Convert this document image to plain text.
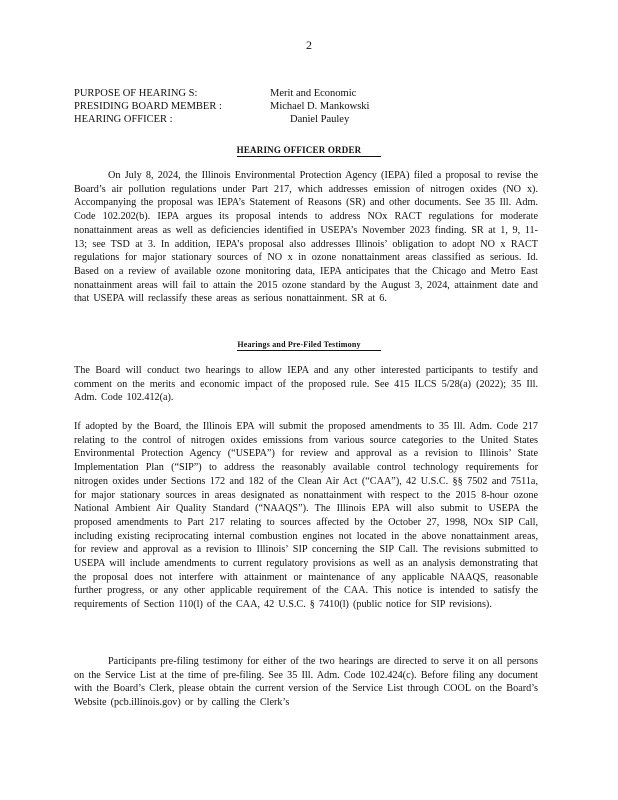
2
PURPOSE OF HEARING S:	Merit and Economic
PRESIDING BOARD MEMBER :	Michael D. Mankowski
HEARING OFFICER :	Daniel Pauley
HEARING OFFICER ORDER
On July 8, 2024, the Illinois Environmental Protection Agency (IEPA) filed a proposal to revise the Board’s air pollution regulations under Part 217, which addresses emission of nitrogen oxides (NO x). Accompanying the proposal was IEPA’s Statement of Reasons (SR) and other documents. See 35 Ill. Adm. Code 102.202(b). IEPA argues its proposal intends to address NOx RACT regulations for moderate nonattainment areas as well as deficiencies identified in USEPA’s November 2023 finding. SR at 1, 9, 11-13; see TSD at 3. In addition, IEPA’s proposal also addresses Illinois’ obligation to adopt NO x RACT regulations for major stationary sources of NO x in ozone nonattainment areas classified as serious. Id. Based on a review of available ozone monitoring data, IEPA anticipates that the Chicago and Metro East nonattainment areas will fail to attain the 2015 ozone standard by the August 3, 2024, attainment date and that USEPA will reclassify these areas as serious nonattainment. SR at 6.
Hearings and Pre-Filed Testimony
The Board will conduct two hearings to allow IEPA and any other interested participants to testify and comment on the merits and economic impact of the proposed rule. See 415 ILCS 5/28(a) (2022); 35 Ill. Adm. Code 102.412(a).
If adopted by the Board, the Illinois EPA will submit the proposed amendments to 35 Ill. Adm. Code 217 relating to the control of nitrogen oxides emissions from various source categories to the United States Environmental Protection Agency (“USEPA”) for review and approval as a revision to Illinois’ State Implementation Plan (“SIP”) to address the reasonably available control technology requirements for nitrogen oxides under Sections 172 and 182 of the Clean Air Act (“CAA”), 42 U.S.C. §§ 7502 and 7511a, for major stationary sources in areas designated as nonattainment with respect to the 2015 8-hour ozone National Ambient Air Quality Standard (“NAAQS”). The Illinois EPA will also submit to USEPA the proposed amendments to Part 217 relating to sources affected by the October 27, 1998, NOx SIP Call, including existing reciprocating internal combustion engines not located in the above nonattainment areas, for review and approval as a revision to Illinois’ SIP concerning the SIP Call. The revisions submitted to USEPA will include amendments to current regulatory provisions as well as an analysis demonstrating that the proposal does not interfere with attainment or maintenance of any applicable NAAQS, reasonable further progress, or any other applicable requirement of the CAA. This notice is intended to satisfy the requirements of Section 110(l) of the CAA, 42 U.S.C. § 7410(l) (public notice for SIP revisions).
Participants pre-filing testimony for either of the two hearings are directed to serve it on all persons on the Service List at the time of pre-filing. See 35 Ill. Adm. Code 102.424(c). Before filing any document with the Board’s Clerk, please obtain the current version of the Service List through COOL on the Board’s Website (pcb.illinois.gov) or by calling the Clerk’s
